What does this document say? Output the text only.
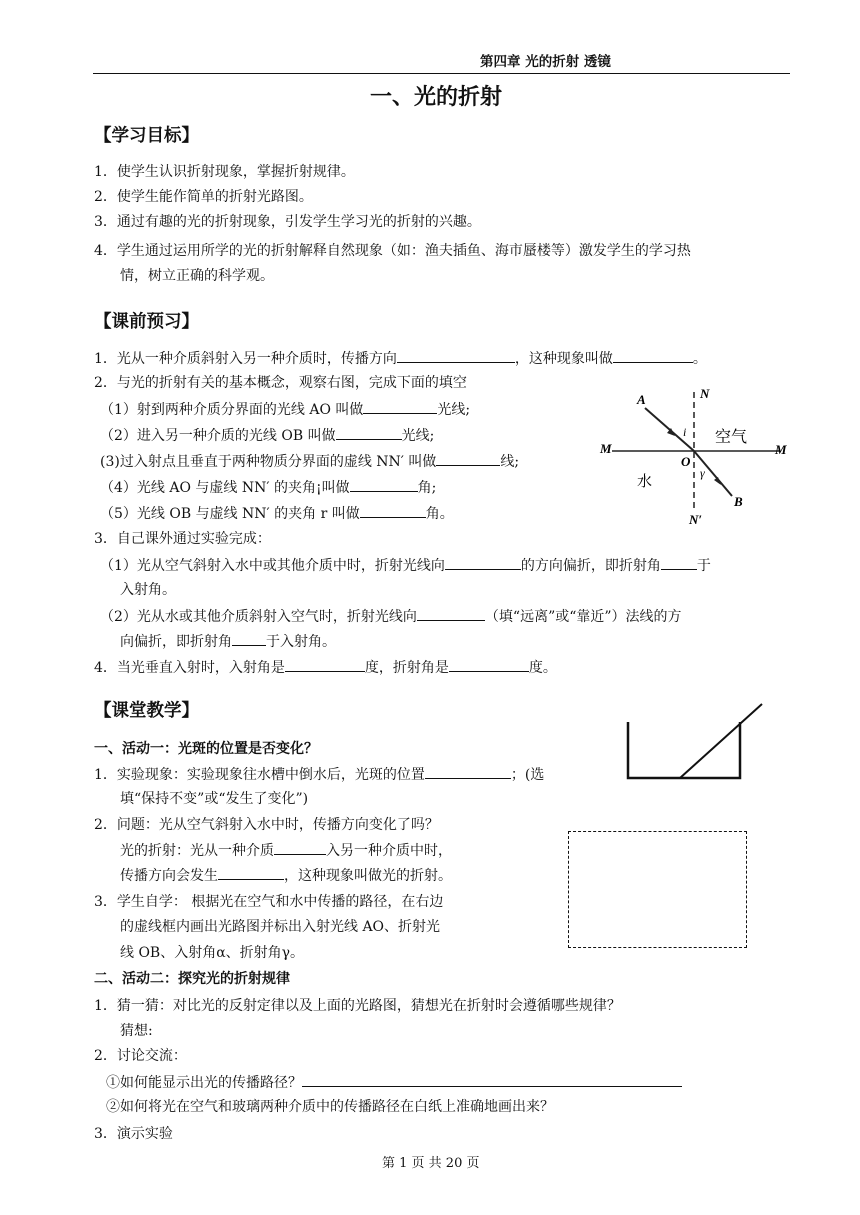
第四章 光的折射 透镜
一、光的折射
【学习目标】
1．使学生认识折射现象，掌握折射规律。
2．使学生能作简单的折射光路图。
3．通过有趣的光的折射现象，引发学生学习光的折射的兴趣。
4．学生通过运用所学的光的折射解释自然现象（如：渔夫插鱼、海市蜃楼等）激发学生的学习热
情，树立正确的科学观。
【课前预习】
1．光从一种介质斜射入另一种介质时，传播方向	，这种现象叫做	。
2．与光的折射有关的基本概念，观察右图，完成下面的填空
（1）射到两种介质分界面的光线 AO 叫做	光线;
（2）进入另一种介质的光线 OB 叫做	光线;
(3)过入射点且垂直于两种物质分界面的虚线 NN′ 叫做	线;
（4）光线 AO 与虚线 NN′ 的夹角¡叫做	角;
（5）光线 OB 与虚线 NN′ 的夹角 r 叫做	角。
A	N
M	M
O
i
γ
B
N′
空气
水
3．自己课外通过实验完成：
（1）光从空气斜射入水中或其他介质中时，折射光线向	的方向偏折，即折射角	于
入射角。
（2）光从水或其他介质斜射入空气时，折射光线向	（填“远离”或“靠近”）法线的方
向偏折，即折射角 于入射角。
4．当光垂直入射时，入射角是	度，折射角是	度。
【课堂教学】
一、活动一：光斑的位置是否变化？
1．实验现象：实验现象往水槽中倒水后，光斑的位置	；(选
填“保持不变”或“发生了变化”)
2．问题：光从空气斜射入水中时，传播方向变化了吗？
光的折射：光从一种介质	入另一种介质中时，
传播方向会发生	，这种现象叫做光的折射。
3．学生自学： 根据光在空气和水中传播的路径，在右边
的虚线框内画出光路图并标出入射光线 AO、折射光
线 OB、入射角α、折射角γ。
二、活动二：探究光的折射规律
1．猜一猜：对比光的反射定律以及上面的光路图，猜想光在折射时会遵循哪些规律？
猜想:
2．讨论交流：
①如何能显示出光的传播路径？
②如何将光在空气和玻璃两种介质中的传播路径在白纸上准确地画出来？
3．演示实验
第 1 页 共 20 页
